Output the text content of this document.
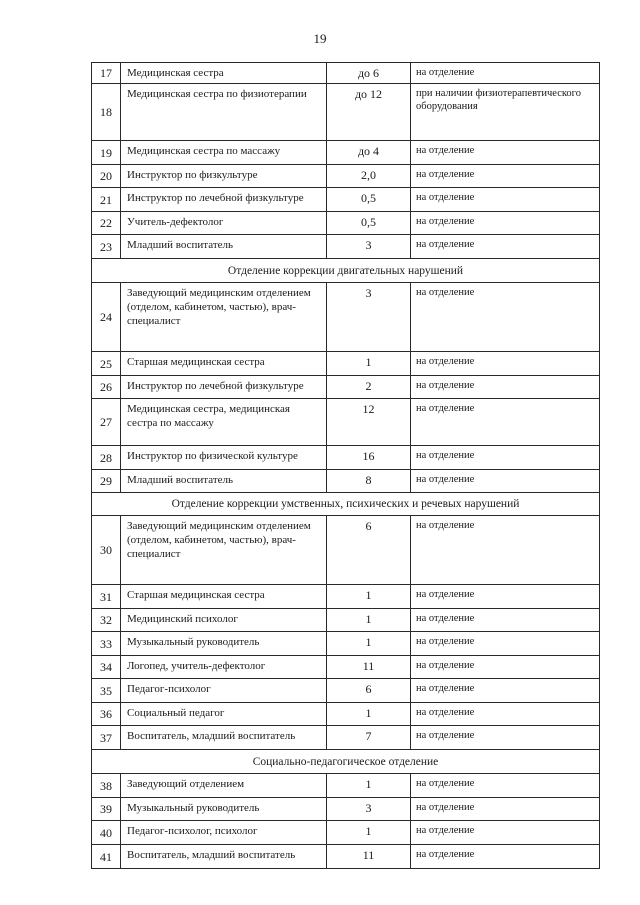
19
17	Медицинская сестра	до 6	на отделение
18	Медицинская сестра по физиотерапии	до 12	при наличии физиотерапевтического оборудования
19	Медицинская сестра по массажу	до 4	на отделение
20	Инструктор по физкультуре	2,0	на отделение
21	Инструктор по лечебной физкультуре	0,5	на отделение
22	Учитель-дефектолог	0,5	на отделение
23	Младший воспитатель	3	на отделение
Отделение коррекции двигательных нарушений			
24	Заведующий медицинским отделением (отделом, кабинетом, частью), врач-специалист	3	на отделение
25	Старшая медицинская сестра	1	на отделение
26	Инструктор по лечебной физкультуре	2	на отделение
27	Медицинская сестра, медицинская сестра по массажу	12	на отделение
28	Инструктор по физической культуре	16	на отделение
29	Младший воспитатель	8	на отделение
Отделение коррекции умственных, психических и речевых нарушений			
30	Заведующий медицинским отделением (отделом, кабинетом, частью), врач-специалист	6	на отделение
31	Старшая медицинская сестра	1	на отделение
32	Медицинский психолог	1	на отделение
33	Музыкальный руководитель	1	на отделение
34	Логопед, учитель-дефектолог	11	на отделение
35	Педагог-психолог	6	на отделение
36	Социальный педагог	1	на отделение
37	Воспитатель, младший воспитатель	7	на отделение
Социально-педагогическое отделение			
38	Заведующий отделением	1	на отделение
39	Музыкальный руководитель	3	на отделение
40	Педагог-психолог, психолог	1	на отделение
41	Воспитатель, младший воспитатель	11	на отделение
